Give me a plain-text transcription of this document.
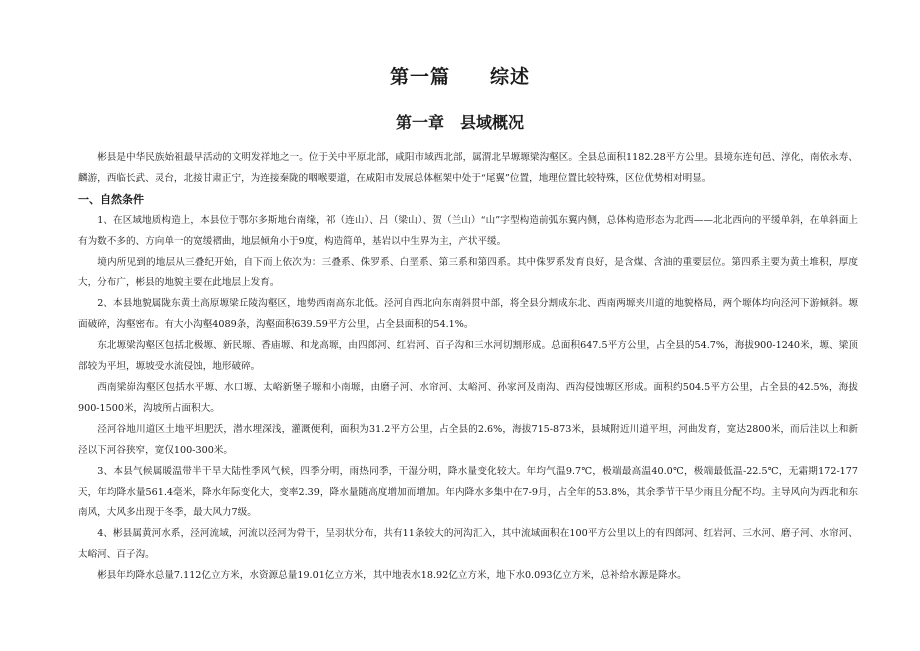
第一篇　　综述
第一章　县域概况

彬县是中华民族始祖最早活动的文明发祥地之一。位于关中平原北部，咸阳市域西北部，属渭北旱塬塬梁沟壑区。全县总面积1182.28平方公里。县境东连旬邑、淳化，南依永寿、麟游，西临长武、灵台，北接甘肃正宁，为连接秦陇的咽喉要道，在咸阳市发展总体框架中处于“尾翼”位置，地理位置比较特殊，区位优势相对明显。

一、自然条件

1、在区域地质构造上，本县位于鄂尔多斯地台南缘，祁（连山）、吕（梁山）、贺（兰山）“山”字型构造前弧东翼内侧，总体构造形态为北西——北北西向的平缓单斜，在单斜面上有为数不多的、方向单一的宽缓褶曲，地层倾角小于9度，构造简单，基岩以中生界为主，产状平缓。

境内所见到的地层从三叠纪开始，自下而上依次为：三叠系、侏罗系、白垩系、第三系和第四系。其中侏罗系发育良好，是含煤、含油的重要层位。第四系主要为黄土堆积，厚度大，分布广，彬县的地貌主要在此地层上发育。

2、本县地貌属陇东黄土高原塬梁丘陵沟壑区，地势西南高东北低。泾河自西北向东南斜贯中部，将全县分割成东北、西南两塬夹川道的地貌格局，两个塬体均向泾河下游倾斜。塬面破碎，沟壑密布。有大小沟壑4089条，沟壑面积639.59平方公里，占全县面积的54.1%。

东北塬梁沟壑区包括北极塬、新民塬、香庙塬、和龙高塬，由四郎河、红岩河、百子沟和三水河切割形成。总面积647.5平方公里，占全县的54.7%，海拔900-1240米，塬、梁顶部较为平坦，塬坡受水流侵蚀，地形破碎。

西南梁峁沟壑区包括水平塬、水口塬、太峪新堡子塬和小南塬，由磨子河、水帘河、太峪河、孙家河及南沟、西沟侵蚀塬区形成。面积约504.5平方公里，占全县的42.5%，海拔900-1500米，沟坡所占面积大。

泾河谷地川道区土地平坦肥沃，潜水埋深浅，灌溉便利，面积为31.2平方公里，占全县的2.6%，海拔715-873米，县城附近川道平坦，河曲发育，宽达2800米，而后洼以上和新泾以下河谷狭窄，宽仅100-300米。

3、本县气候属暖温带半干旱大陆性季风气候，四季分明，雨热同季，干湿分明，降水量变化较大。年均气温9.7℃，极端最高温40.0℃，极端最低温-22.5℃，无霜期172-177天，年均降水量561.4毫米，降水年际变化大，变率2.39，降水量随高度增加而增加。年内降水多集中在7-9月，占全年的53.8%，其余季节干旱少雨且分配不均。主导风向为西北和东南风，大风多出现于冬季，最大风力7级。

4、彬县属黄河水系，泾河流域，河流以泾河为骨干，呈羽状分布，共有11条较大的河沟汇入，其中流域面积在100平方公里以上的有四郎河、红岩河、三水河、磨子河、水帘河、太峪河、百子沟。

彬县年均降水总量7.112亿立方米，水资源总量19.01亿立方米，其中地表水18.92亿立方米，地下水0.093亿立方米，总补给水源是降水。
